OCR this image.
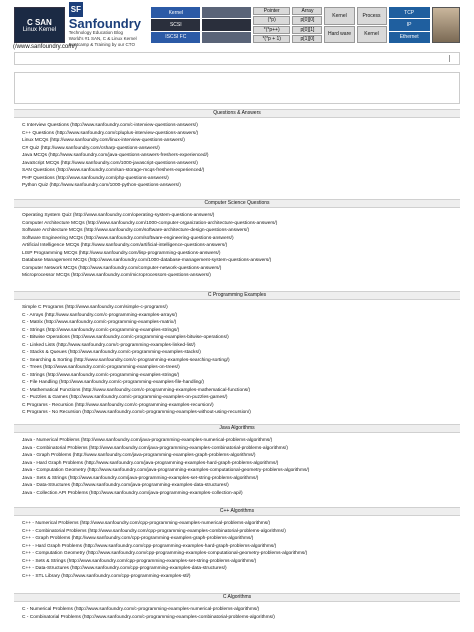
C SAN
Linux Kernel
SFSanfoundry
Technology Education Blog
World's #1 SAN, C & Linux Kernel
Bootcamp & Training by our CTO
Kernel
SCSI
ISCSI FC
Pointer
(*p)
*(*p++)
*(*p + 1)
Array
p[0][0]
p[0][1]
p[1][0]
Kernel
Hard ware
Process
Kernel
TCP
IP
Ethernet
(/www.sanfoundry.com/)
Questions & Answers
C Interview Questions (http://www.sanfoundry.com/c-interview-questions-answers/)
C++ Questions (http://www.sanfoundry.com/cpluplus-interview-questions-answers/)
Linux MCQs (http://www.sanfoundry.com/linux-interview-questions-answers/)
C# Quiz (http://www.sanfoundry.com/csharp-questions-answers/)
Java MCQs (http://www.sanfoundry.com/java-questions-answers-freshers-experienced/)
JavaScript MCQs (http://www.sanfoundry.com/1000-javascript-questions-answers/)
SAN Questions (http://www.sanfoundry.com/san-storage-mcqs-freshers-experienced/)
PHP Questions (http://www.sanfoundry.com/php-questions-answers/)
Python Quiz (http://www.sanfoundry.com/1000-python-questions-answers/)
Computer Science Questions
Operating System Quiz (http://www.sanfoundry.com/operating-system-questions-answers/)
Computer Architecture MCQs (http://www.sanfoundry.com/1000-computer-organization-architecture-questions-answers/)
Software Architecture MCQs (http://www.sanfoundry.com/software-architecture-design-questions-answers/)
Software Engineering MCQs (http://www.sanfoundry.com/software-engineering-questions-answers/)
Artificial Intelligence MCQs (http://www.sanfoundry.com/artificial-intelligence-questions-answers/)
LISP Programming MCQs (http://www.sanfoundry.com/lisp-programming-questions-answers/)
Database Management MCQs (http://www.sanfoundry.com/1000-database-management-system-questions-answers/)
Computer Network MCQs (http://www.sanfoundry.com/computer-network-questions-answers/)
Microprocessor MCQs (http://www.sanfoundry.com/microprocessors-questions-answers/)
C Programming Examples
Simple C Programs (http://www.sanfoundry.com/simple-c-programs/)
C - Arrays (http://www.sanfoundry.com/c-programming-examples-arrays/)
C - Matrix (http://www.sanfoundry.com/c-programming-examples-matrix/)
C - Strings (http://www.sanfoundry.com/c-programming-examples-strings/)
C - Bitwise Operations (http://www.sanfoundry.com/c-programming-examples-bitwise-operations/)
C - Linked Lists (http://www.sanfoundry.com/c-programming-examples-linked-list/)
C - Stacks & Queues (http://www.sanfoundry.com/c-programming-examples-stacks/)
C - Searching & Sorting (http://www.sanfoundry.com/c-programming-examples-searching-sorting/)
C - Trees (http://www.sanfoundry.com/c-programming-examples-on-trees/)
C - Strings (http://www.sanfoundry.com/c-programming-examples-strings/)
C - File Handling (http://www.sanfoundry.com/c-programming-examples-file-handling/)
C - Mathematical Functions (http://www.sanfoundry.com/c-programming-examples-mathematical-functions/)
C - Puzzles & Games (http://www.sanfoundry.com/c-programming-examples-on-puzzles-games/)
C Programs - Recursion (http://www.sanfoundry.com/c-programming-examples-recursion/)
C Programs - No Recursion (http://www.sanfoundry.com/c-programming-examples-without-using-recursion/)
Java Algorithms
Java - Numerical Problems (http://www.sanfoundry.com/java-programming-examples-numerical-problems-algorithms/)
Java - Combinatorial Problems (http://www.sanfoundry.com/java-programming-examples-combinatorial-problems-algorithms/)
Java - Graph Problems (http://www.sanfoundry.com/java-programming-examples-graph-problems-algorithms/)
Java - Hard Graph Problems (http://www.sanfoundry.com/java-programming-examples-hard-graph-problems-algorithms/)
Java - Computation Geometry (http://www.sanfoundry.com/java-programming-examples-computational-geometry-problems-algorithms/)
Java - Sets & Strings (http://www.sanfoundry.com/java-programming-examples-set-string-problems-algorithms/)
Java - Data-Structures (http://www.sanfoundry.com/java-programming-examples-data-structures/)
Java - Collection API Problems (http://www.sanfoundry.com/java-programming-examples-collection-api/)
C++ Algorithms
C++ - Numerical Problems (http://www.sanfoundry.com/cpp-programming-examples-numerical-problems-algorithms/)
C++ - Combinatorial Problems (http://www.sanfoundry.com/cpp-programming-examples-combinatorial-problems-algorithms/)
C++ - Graph Problems (http://www.sanfoundry.com/cpp-programming-examples-graph-problems-algorithms/)
C++ - Hard Graph Problems (http://www.sanfoundry.com/cpp-programming-examples-hard-graph-problems-algorithms/)
C++ - Computation Geometry (http://www.sanfoundry.com/cpp-programming-examples-computational-geometry-problems-algorithms/)
C++ - Sets & Strings (http://www.sanfoundry.com/cpp-programming-examples-set-string-problems-algorithms/)
C++ - Data-Structures (http://www.sanfoundry.com/cpp-programming-examples-data-structures/)
C++ - STL Library (http://www.sanfoundry.com/cpp-programming-examples-stl/)
C Algorithms
C - Numerical Problems (http://www.sanfoundry.com/c-programming-examples-numerical-problems-algorithms/)
C - Combinatorial Problems (http://www.sanfoundry.com/c-programming-examples-combinatorial-problems-algorithms/)
